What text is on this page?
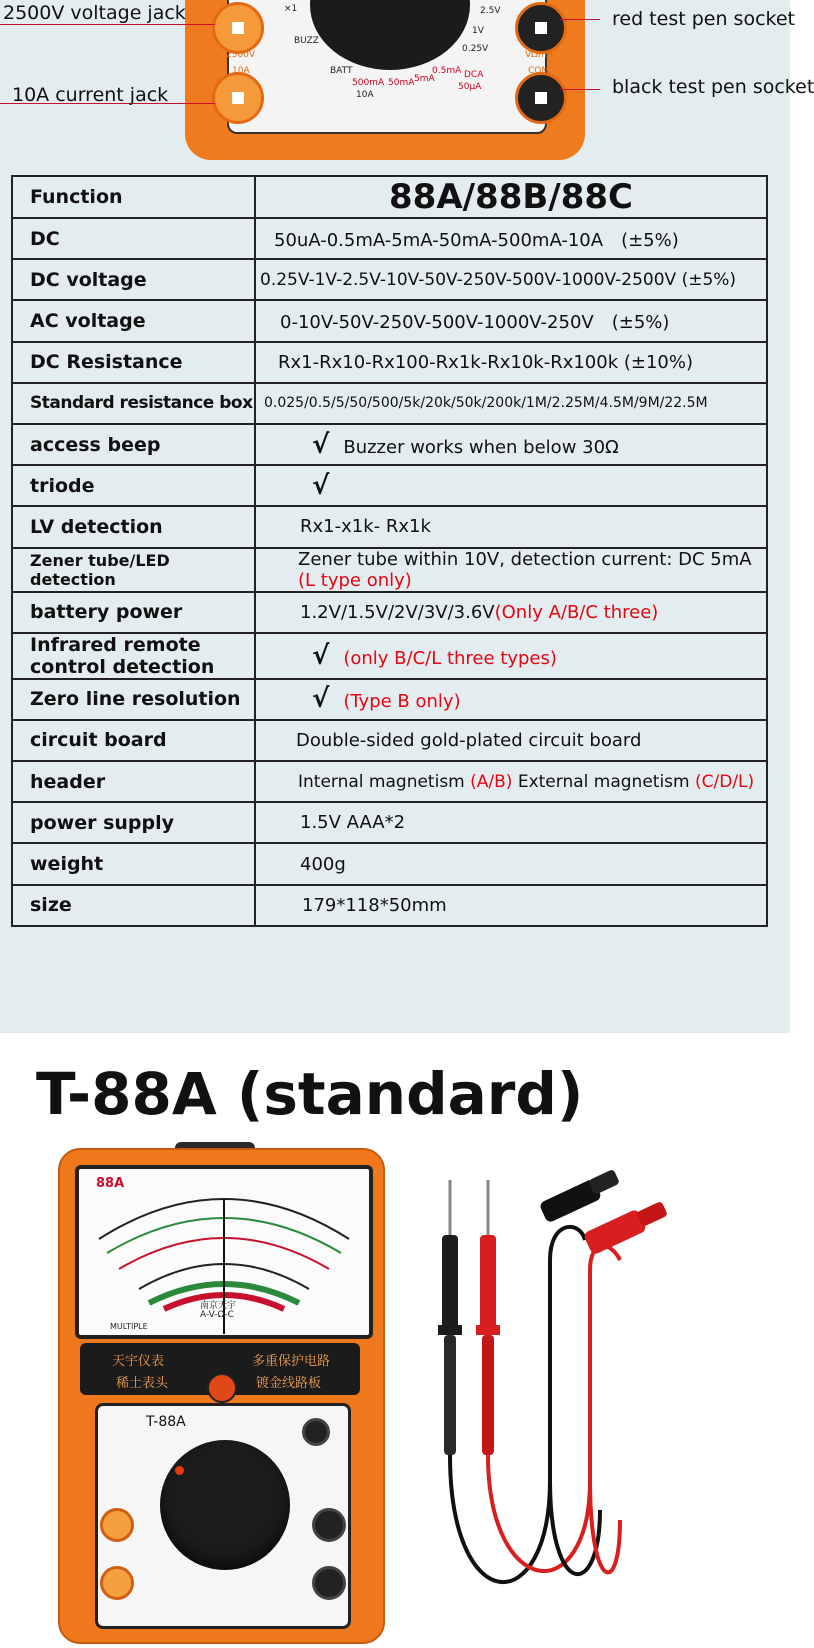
2500V
10A
VΩmA
COM
×1
BUZZ
BATT
500mA 50mA 5mA
0.5mA
50μA
DCA
10A
1V
0.25V
2.5V
2500V voltage jack
10A current jack
red test pen socket
black test pen socket
Function	88A/88B/88C
DC	50uA-0.5mA-5mA-50mA-500mA-10A　(±5%)
DC voltage	0.25V-1V-2.5V-10V-50V-250V-500V-1000V-2500V (±5%)
AC voltage	0-10V-50V-250V-500V-1000V-250V　(±5%)
DC Resistance	Rx1-Rx10-Rx100-Rx1k-Rx10k-Rx100k (±10%)
Standard resistance box	0.025/0.5/5/50/500/5k/20k/50k/200k/1M/2.25M/4.5M/9M/22.5M
access beep	√ Buzzer works when below 30Ω
triode	√
LV detection	Rx1-x1k- Rx1k
Zener tube/LED detection	Zener tube within 10V, detection current: DC 5mA (L type only)
battery power	1.2V/1.5V/2V/3V/3.6V(Only A/B/C three)
Infrared remote control detection	√ (only B/C/L three types)
Zero line resolution	√ (Type B only)
circuit board	Double-sided gold-plated circuit board
header	Internal magnetism (A/B) External magnetism (C/D/L)
power supply	1.5V AAA*2
weight	400g
size	179*118*50mm
T-88A (standard)
88A
南京天宇
A-V-Ω-C
MULTIPLE
天宇仪表	多重保护电路
稀土表头	镀金线路板
T-88A
